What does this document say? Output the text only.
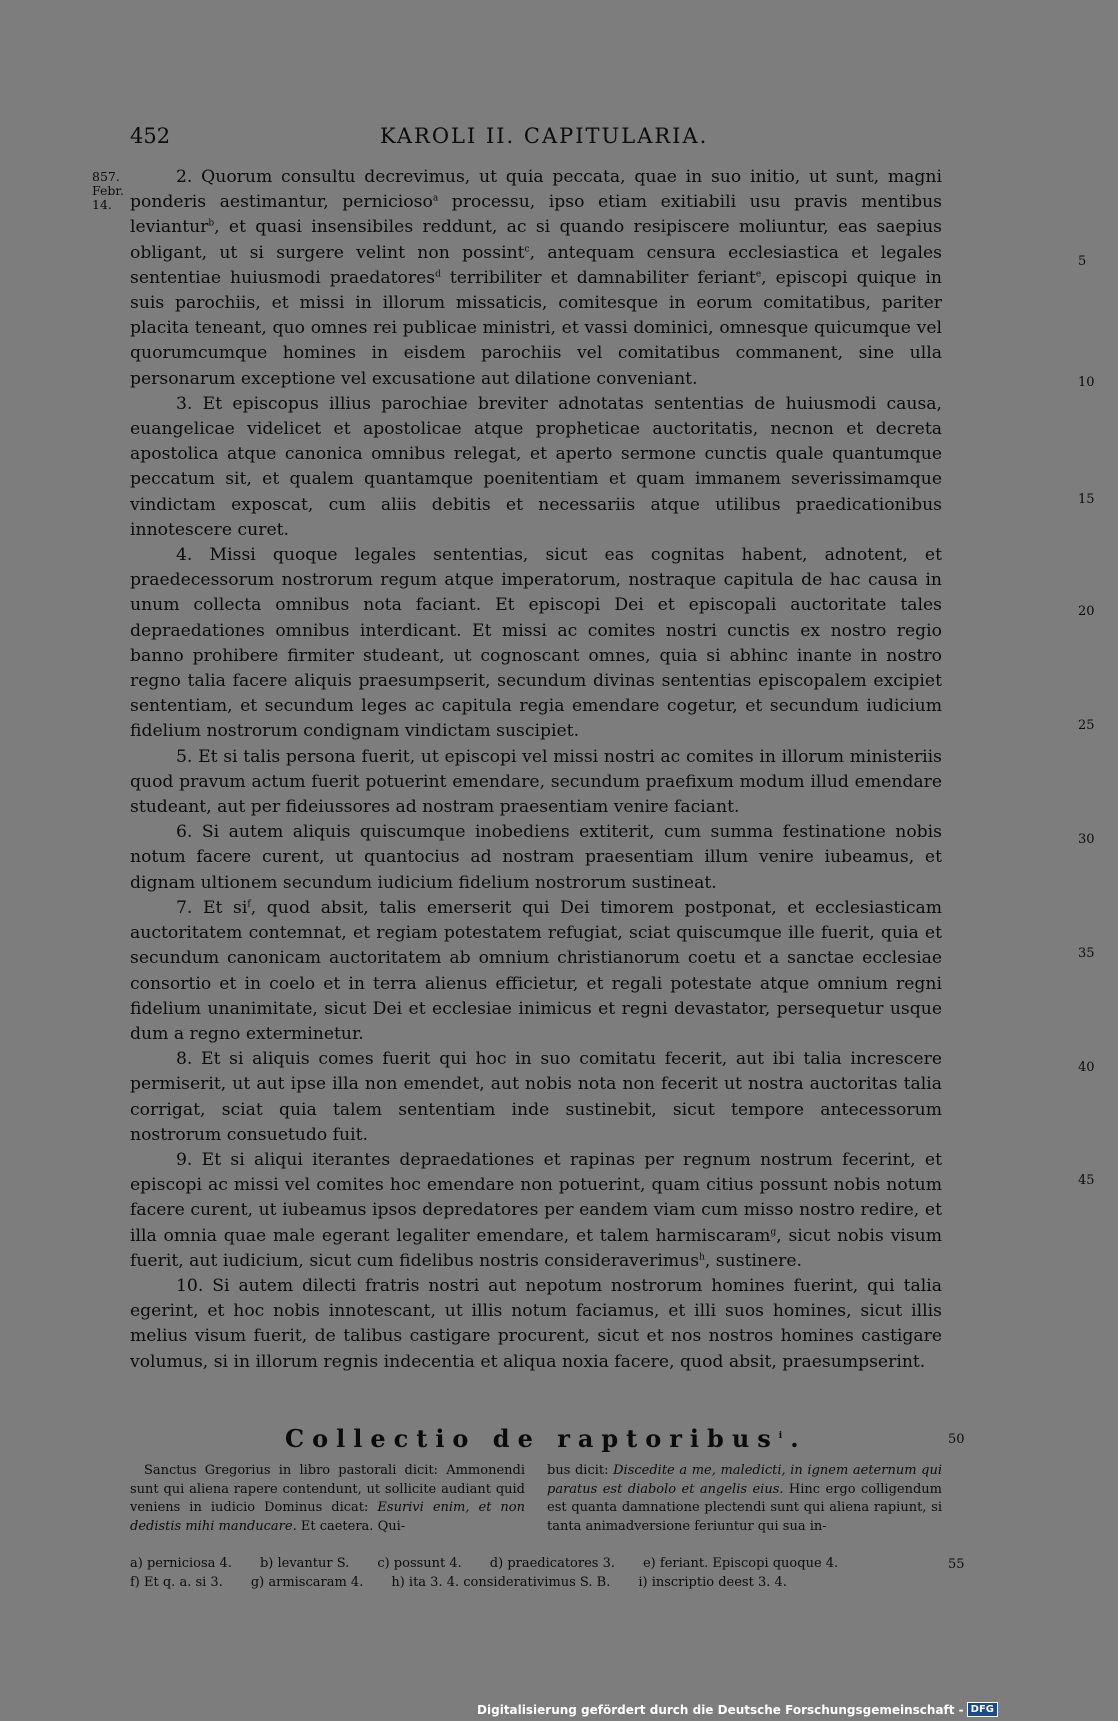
452	KAROLI II. CAPITULARIA.
857.
Febr.
14.

2. Quorum consultu decrevimus, ut quia peccata, quae in suo initio, ut sunt, magni ponderis aestimantur, pernicioso$^a$ processu, ipso etiam exitiabili usu pravis mentibus leviantur$^b$, et quasi insensibiles reddunt, ac si quando resipiscere moliuntur, eas saepius obligant, ut si surgere velint non possint$^c$, antequam censura ecclesiastica et legales sententiae huiusmodi praedatores$^d$ terribiliter et damnabiliter feriant$^e$, episcopi quique in suis parochiis, et missi in illorum missaticis, comitesque in eorum comitatibus, pariter placita teneant, quo omnes rei publicae ministri, et vassi dominici, omnesque quicumque vel quorumcumque homines in eisdem parochiis vel comitatibus commanent, sine ulla personarum exceptione vel excusatione aut dilatione conveniant.

3. Et episcopus illius parochiae breviter adnotatas sententias de huiusmodi causa, euangelicae videlicet et apostolicae atque propheticae auctoritatis, necnon et decreta apostolica atque canonica omnibus relegat, et aperto sermone cunctis quale quantumque peccatum sit, et qualem quantamque poenitentiam et quam immanem severissimamque vindictam exposcat, cum aliis debitis et necessariis atque utilibus praedicationibus innotescere curet.

4. Missi quoque legales sententias, sicut eas cognitas habent, adnotent, et praedecessorum nostrorum regum atque imperatorum, nostraque capitula de hac causa in unum collecta omnibus nota faciant. Et episcopi Dei et episcopali auctoritate tales depraedationes omnibus interdicant. Et missi ac comites nostri cunctis ex nostro regio banno prohibere firmiter studeant, ut cognoscant omnes, quia si abhinc inante in nostro regno talia facere aliquis praesumpserit, secundum divinas sententias episcopalem excipiet sententiam, et secundum leges ac capitula regia emendare cogetur, et secundum iudicium fidelium nostrorum condignam vindictam suscipiet.

5. Et si talis persona fuerit, ut episcopi vel missi nostri ac comites in illorum ministeriis quod pravum actum fuerit potuerint emendare, secundum praefixum modum illud emendare studeant, aut per fideiussores ad nostram praesentiam venire faciant.

6. Si autem aliquis quiscumque inobediens extiterit, cum summa festinatione nobis notum facere curent, ut quantocius ad nostram praesentiam illum venire iubeamus, et dignam ultionem secundum iudicium fidelium nostrorum sustineat.

7. Et $si^f$, quod absit, talis emerserit qui Dei timorem postponat, et ecclesiasticam auctoritatem contemnat, et regiam potestatem refugiat, sciat quiscumque ille fuerit, quia et secundum canonicam auctoritatem ab omnium christianorum coetu et a sanctae ecclesiae consortio et in coelo et in terra alienus efficietur, et regali potestate atque omnium regni fidelium unanimitate, sicut Dei et ecclesiae inimicus et regni devastator, persequetur usque dum a regno exterminetur.

8. Et si aliquis comes fuerit qui hoc in suo comitatu fecerit, aut ibi talia increscere permiserit, ut aut ipse illa non emendet, aut nobis nota non fecerit ut nostra auctoritas talia corrigat, sciat quia talem sententiam inde sustinebit, sicut tempore antecessorum nostrorum consuetudo fuit.

9. Et si aliqui iterantes depraedationes et rapinas per regnum nostrum fecerint, et episcopi ac missi vel comites hoc emendare non potuerint, quam citius possunt nobis notum facere curent, ut iubeamus ipsos depredatores per eandem viam cum misso nostro redire, et illa omnia quae male egerant legaliter emendare, et talem harmiscaram$^g$, sicut nobis visum fuerit, aut iudicium, sicut cum fidelibus nostris consideraverimus$^h$, sustinere.

10. Si autem dilecti fratris nostri aut nepotum nostrorum homines fuerint, qui talia egerint, et hoc nobis innotescant, ut illis notum faciamus, et illi suos homines, sicut illis melius visum fuerit, de talibus castigare procurent, sicut et nos nostros homines castigare volumus, si in illorum regnis indecentia et aliqua noxia facere, quod absit, praesumpserint.

5
10
15
20
25
30
35
40
45
Collectio de raptoribus$^i$.	50

Sanctus Gregorius in libro pastorali dicit: Ammonendi sunt qui aliena rapere contendunt, ut sollicite audiant quid veniens in iudicio Dominus dicat: Esurivi enim, et non dedistis mihi manducare. Et caetera. Qui-

bus dicit: Discedite a me, maledicti, in ignem aeternum qui paratus est diabolo et angelis eius. Hinc ergo colligendum est quanta damnatione plectendi sunt qui aliena rapiunt, si tanta animadversione feriuntur qui sua in-

a) perniciosa 4. b) levantur S. c) possunt 4. d) praedicatores 3. e) feriant. Episcopi quoque 4.
f) Et q. a. si 3. g) armiscaram 4. h) ita 3. 4. considerativimus S. B. i) inscriptio deest 3. 4.
55
Digitalisierung gefördert durch die Deutsche Forschungsgemeinschaft - DFG
